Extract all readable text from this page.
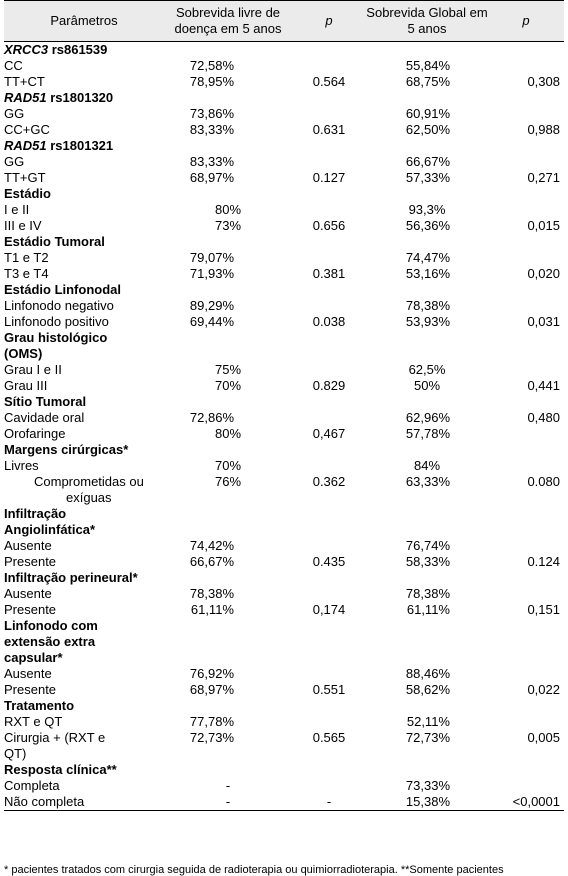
Parâmetros	Sobrevida livre de doença em 5 anos	p	Sobrevida Global em 5 anos	p
XRCC3 rs861539				
CC	72,58%		55,84%	
TT+CT	78,95%	0.564	68,75%	0,308
RAD51 rs1801320				
GG	73,86%		60,91%	
CC+GC	83,33%	0.631	62,50%	0,988
RAD51 rs1801321				
GG	83,33%		66,67%	
TT+GT	68,97%	0.127	57,33%	0,271
Estádio				
I e II	80%		93,3%	
III e IV	73%	0.656	56,36%	0,015
Estádio Tumoral				
T1 e T2	79,07%		74,47%	
T3 e T4	71,93%	0.381	53,16%	0,020
Estádio Linfonodal				
Linfonodo negativo	89,29%		78,38%	
Linfonodo positivo	69,44%	0.038	53,93%	0,031
Grau histológico				
(OMS)				
Grau I e II	75%		62,5%	
Grau III	70%	0.829	50%	0,441
Sítio Tumoral				
Cavidade oral	72,86%		62,96%	0,480
Orofaringe	80%	0,467	57,78%	
Margens cirúrgicas*				
Livres	70%		84%	
Comprometidas ou	76%	0.362	63,33%	0.080
exíguas				
Infiltração				
Angiolinfática*				
Ausente	74,42%		76,74%	
Presente	66,67%	0.435	58,33%	0.124
Infiltração perineural*				
Ausente	78,38%		78,38%	
Presente	61,11%	0,174	61,11%	0,151
Linfonodo com				
extensão extra				
capsular*				
Ausente	76,92%		88,46%	
Presente	68,97%	0.551	58,62%	0,022
Tratamento				
RXT e QT	77,78%		52,11%	
Cirurgia + (RXT e	72,73%	0.565	72,73%	0,005
QT)				
Resposta clínica**				
Completa	-		73,33%	
Não completa	-	-	15,38%	<0,0001
* pacientes tratados com cirurgia seguida de radioterapia ou quimiorradioterapia. **Somente pacientes
